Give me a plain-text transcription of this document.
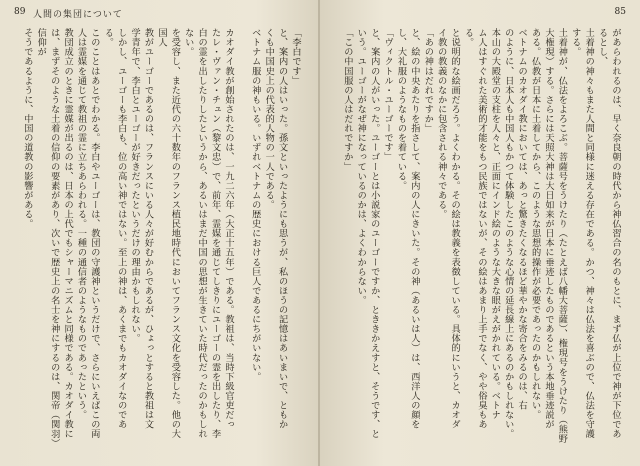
89 人間の集団について

「李白です」

と、案内の人はいった。孫文といったようにも思うが、私のほうの記憶はあいまいで、ともか

くも中国史上の代表的人物の一人である。

ベトナム服の神もいる。いずれベトナムの歴史における巨人であるにちがいない。

カオダイ教が創始されたのは、一九二六年（大正十五年）である。教祖は、当時下級官吏だっ

たレ・ヴァン・チュン（黎文忠）で、前年、霊媒を通じてしきりにユーゴーの霊を出したり、李

白の霊を出したりしたというから、あるいはまだ中国の思想が生きていた時代だったのかもしれない。

を受容し、また近代の六十数年のフランス植民地時代においてフランス文化を受容した。他の大国人

教がユーゴーであるのは、フランスにいる人々が好むからであるが、ひょっとすると教祖は文

学青年で、李白とユーゴーが好きだったというだけの理由かもしれない。

しかし、ユーゴーも李白も、位の高い神ではない。至上の神は、あくまでもカオダイなのである。

このことはあとでわかる。李白やユーゴーは、教団の守護神というだけで、さらにいえばこの両

人は霊媒を通じて教祖の霊に立ちあらわれる。一種の通信者のようなものであったという。

教団成立のときに霊媒が出るのは、日本の上代でもシャーマニズムと同様である。カオダイ教に

は、まずそのような土着の信仰の要素があり、次いで歴史上の名士を神にするのは、関帝（関羽）信仰が

そうであるように、中国の道教の影響がある。

85

があらわれるのは、早く奈良朝の時代から神仏習合の名のもとに、まず仏が上位で神が下位であるとし、

土着神の神々もまた人間と同様に迷える存在である。かつ、神々は仏法を喜ぶので、仏法を守護する。

土着神が、仏法をよろこぶ。菩薩号をうけたり（たとえば八幡大菩薩）、権現号をうけたり（熊野

大権現）する。さらには天照大神は大日如来が日本に垂迹したものであるという本地垂迹説が

ある。仏教が日本に土着してから、このような思想的操作が必要であったのかもしれない。

ベトナムのカオダイ教においては、あっと驚きたくなるほど華やかな寄合をみるのは、右

のように、日本人も中国人もかつて体験したこのような心情の延長線上にあるのかもしれない。

本山の大殿堂の支柱を人々と、正面にインド絵のような大きな眼がえがかれている。ベトナ

ム人はすぐれた美術的才能をもつ民族ではないが、その絵はあまり上手でなく、やや俗臭もある。

と说明的な絵画だろう。よくわかる。その絵は教義を表徴している。具体的にいうと、カオダ

イ教の教義のなかに包含される神々である。

「あの神はだれですか」

と、絵の中央あたりを指さして、案内の人にきいた。その神（あるいは人）は、西洋人の顔を

し、大礼服のようなものを着ている。

「ヴィクトル・ユーゴーです」

と、案内の人がいった。ユーゴーとは小説家のユーゴーですか、とききかえすと、そうです、と

いう。ユーゴーがなぜ神になっているのかは、よくわからない。

「この中国服の人はだれですか」
